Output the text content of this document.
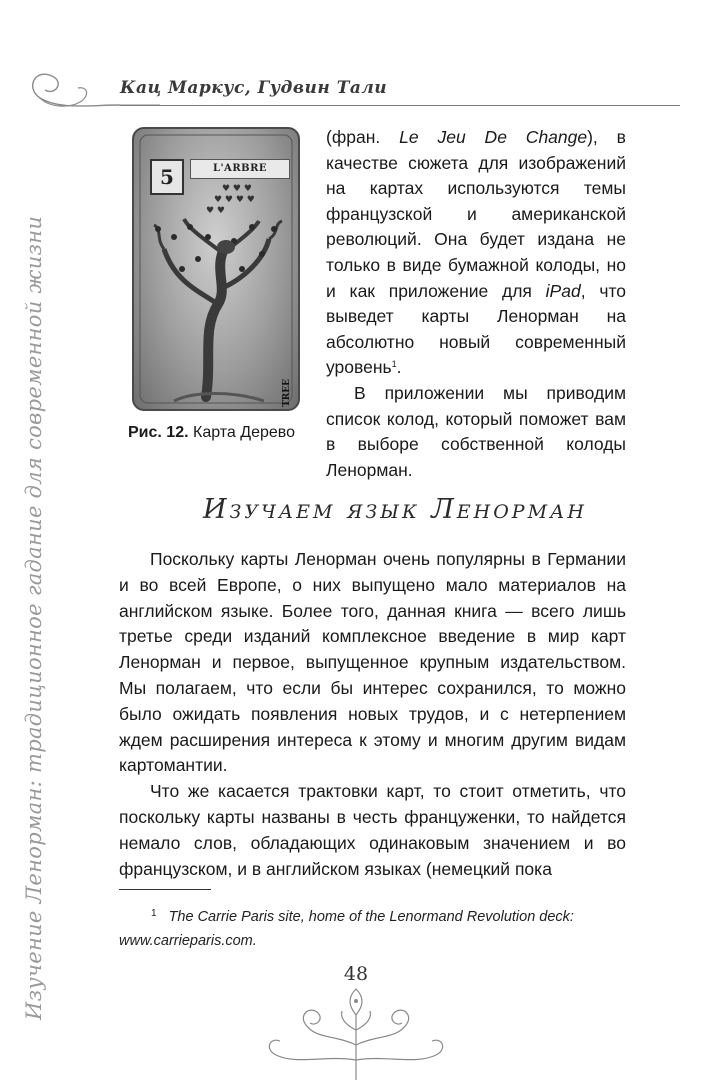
Кац Маркус, Гудвин Тали
Изучение Ленорман: традиционное гадание для современной жизни
♥ ♥ ♥
♥ ♥ ♥ ♥
♥ ♥
5	L'ARBRE
TREE
Рис. 12. Карта Дерево

(фран. Le Jeu De Change), в качестве сюжета для изображений на картах используются темы французской и американской революций. Она будет издана не только в виде бумажной колоды, но и как приложение для iPad, что выведет карты Ленорман на абсолютно новый современный уровень$^1$.

В приложении мы приводим список колод, который поможет вам в выборе собственной колоды Ленорман.

Изучаем язык Ленорман

Поскольку карты Ленорман очень популярны в Германии и во всей Европе, о них выпущено мало материалов на английском языке. Более того, данная книга — всего лишь третье среди изданий комплексное введение в мир карт Ленорман и первое, выпущенное крупным издательством. Мы полагаем, что если бы интерес сохранился, то можно было ожидать появления новых трудов, и с нетерпением ждем расширения интереса к этому и многим другим видам картомантии.

Что же касается трактовки карт, то стоит отметить, что поскольку карты названы в честь француженки, то найдется немало слов, обладающих одинаковым значением и во французском, и в английском языках (немецкий пока

$^1$ The Carrie Paris site, home of the Lenormand Revolution deck: www.carrieparis.com.
48
